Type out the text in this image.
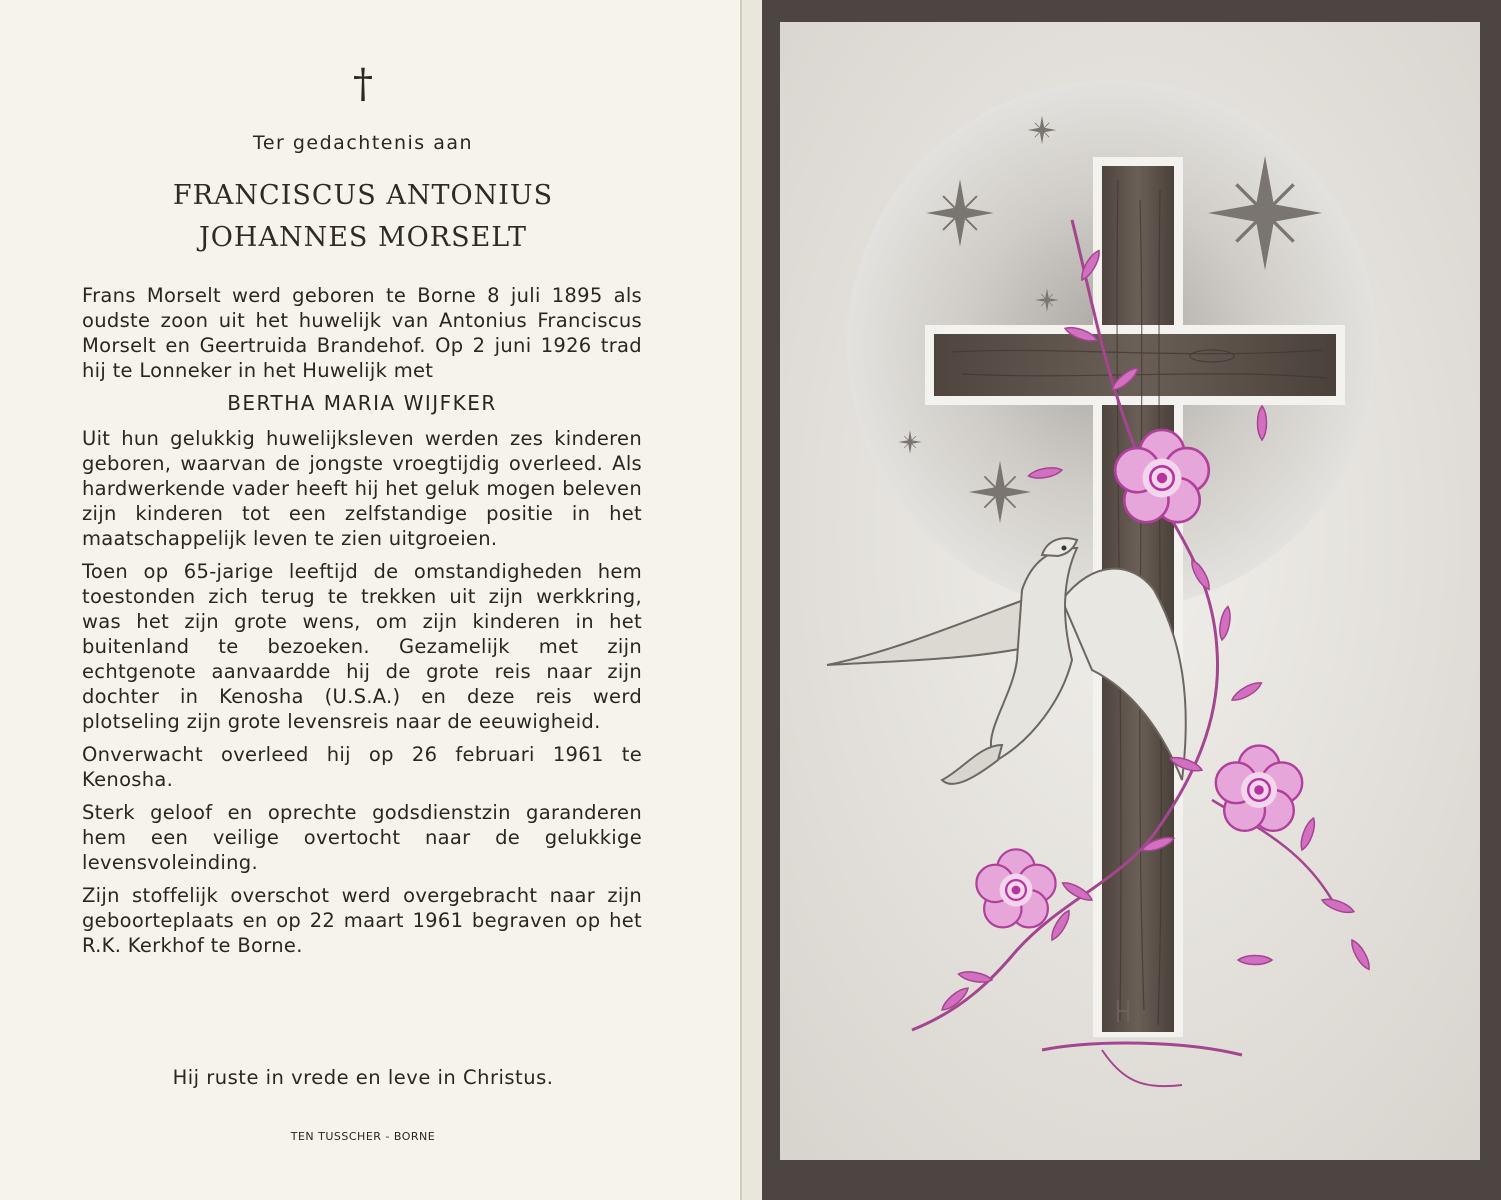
†
Ter gedachtenis aan
FRANCISCUS ANTONIUS
JOHANNES MORSELT

Frans Morselt werd geboren te Borne 8 juli 1895 als oudste zoon uit het huwelijk van Antonius Franciscus Morselt en Geertruida Brandehof. Op 2 juni 1926 trad hij te Lonneker in het Huwelijk met

BERTHA MARIA WIJFKER

Uit hun gelukkig huwelijksleven werden zes kinderen geboren, waarvan de jongste vroegtijdig overleed. Als hardwerkende vader heeft hij het geluk mogen beleven zijn kinderen tot een zelfstandige positie in het maatschappelijk leven te zien uitgroeien.

Toen op 65-jarige leeftijd de omstandigheden hem toestonden zich terug te trekken uit zijn werkkring, was het zijn grote wens, om zijn kinderen in het buitenland te bezoeken. Gezamelijk met zijn echtgenote aanvaardde hij de grote reis naar zijn dochter in Kenosha (U.S.A.) en deze reis werd plotseling zijn grote levensreis naar de eeuwigheid.

Onverwacht overleed hij op 26 februari 1961 te Kenosha.

Sterk geloof en oprechte godsdienstzin garanderen hem een veilige overtocht naar de gelukkige levensvoleinding.

Zijn stoffelijk overschot werd overgebracht naar zijn geboorteplaats en op 22 maart 1961 begraven op het R.K. Kerkhof te Borne.

Hij ruste in vrede en leve in Christus.
TEN TUSSCHER - BORNE
